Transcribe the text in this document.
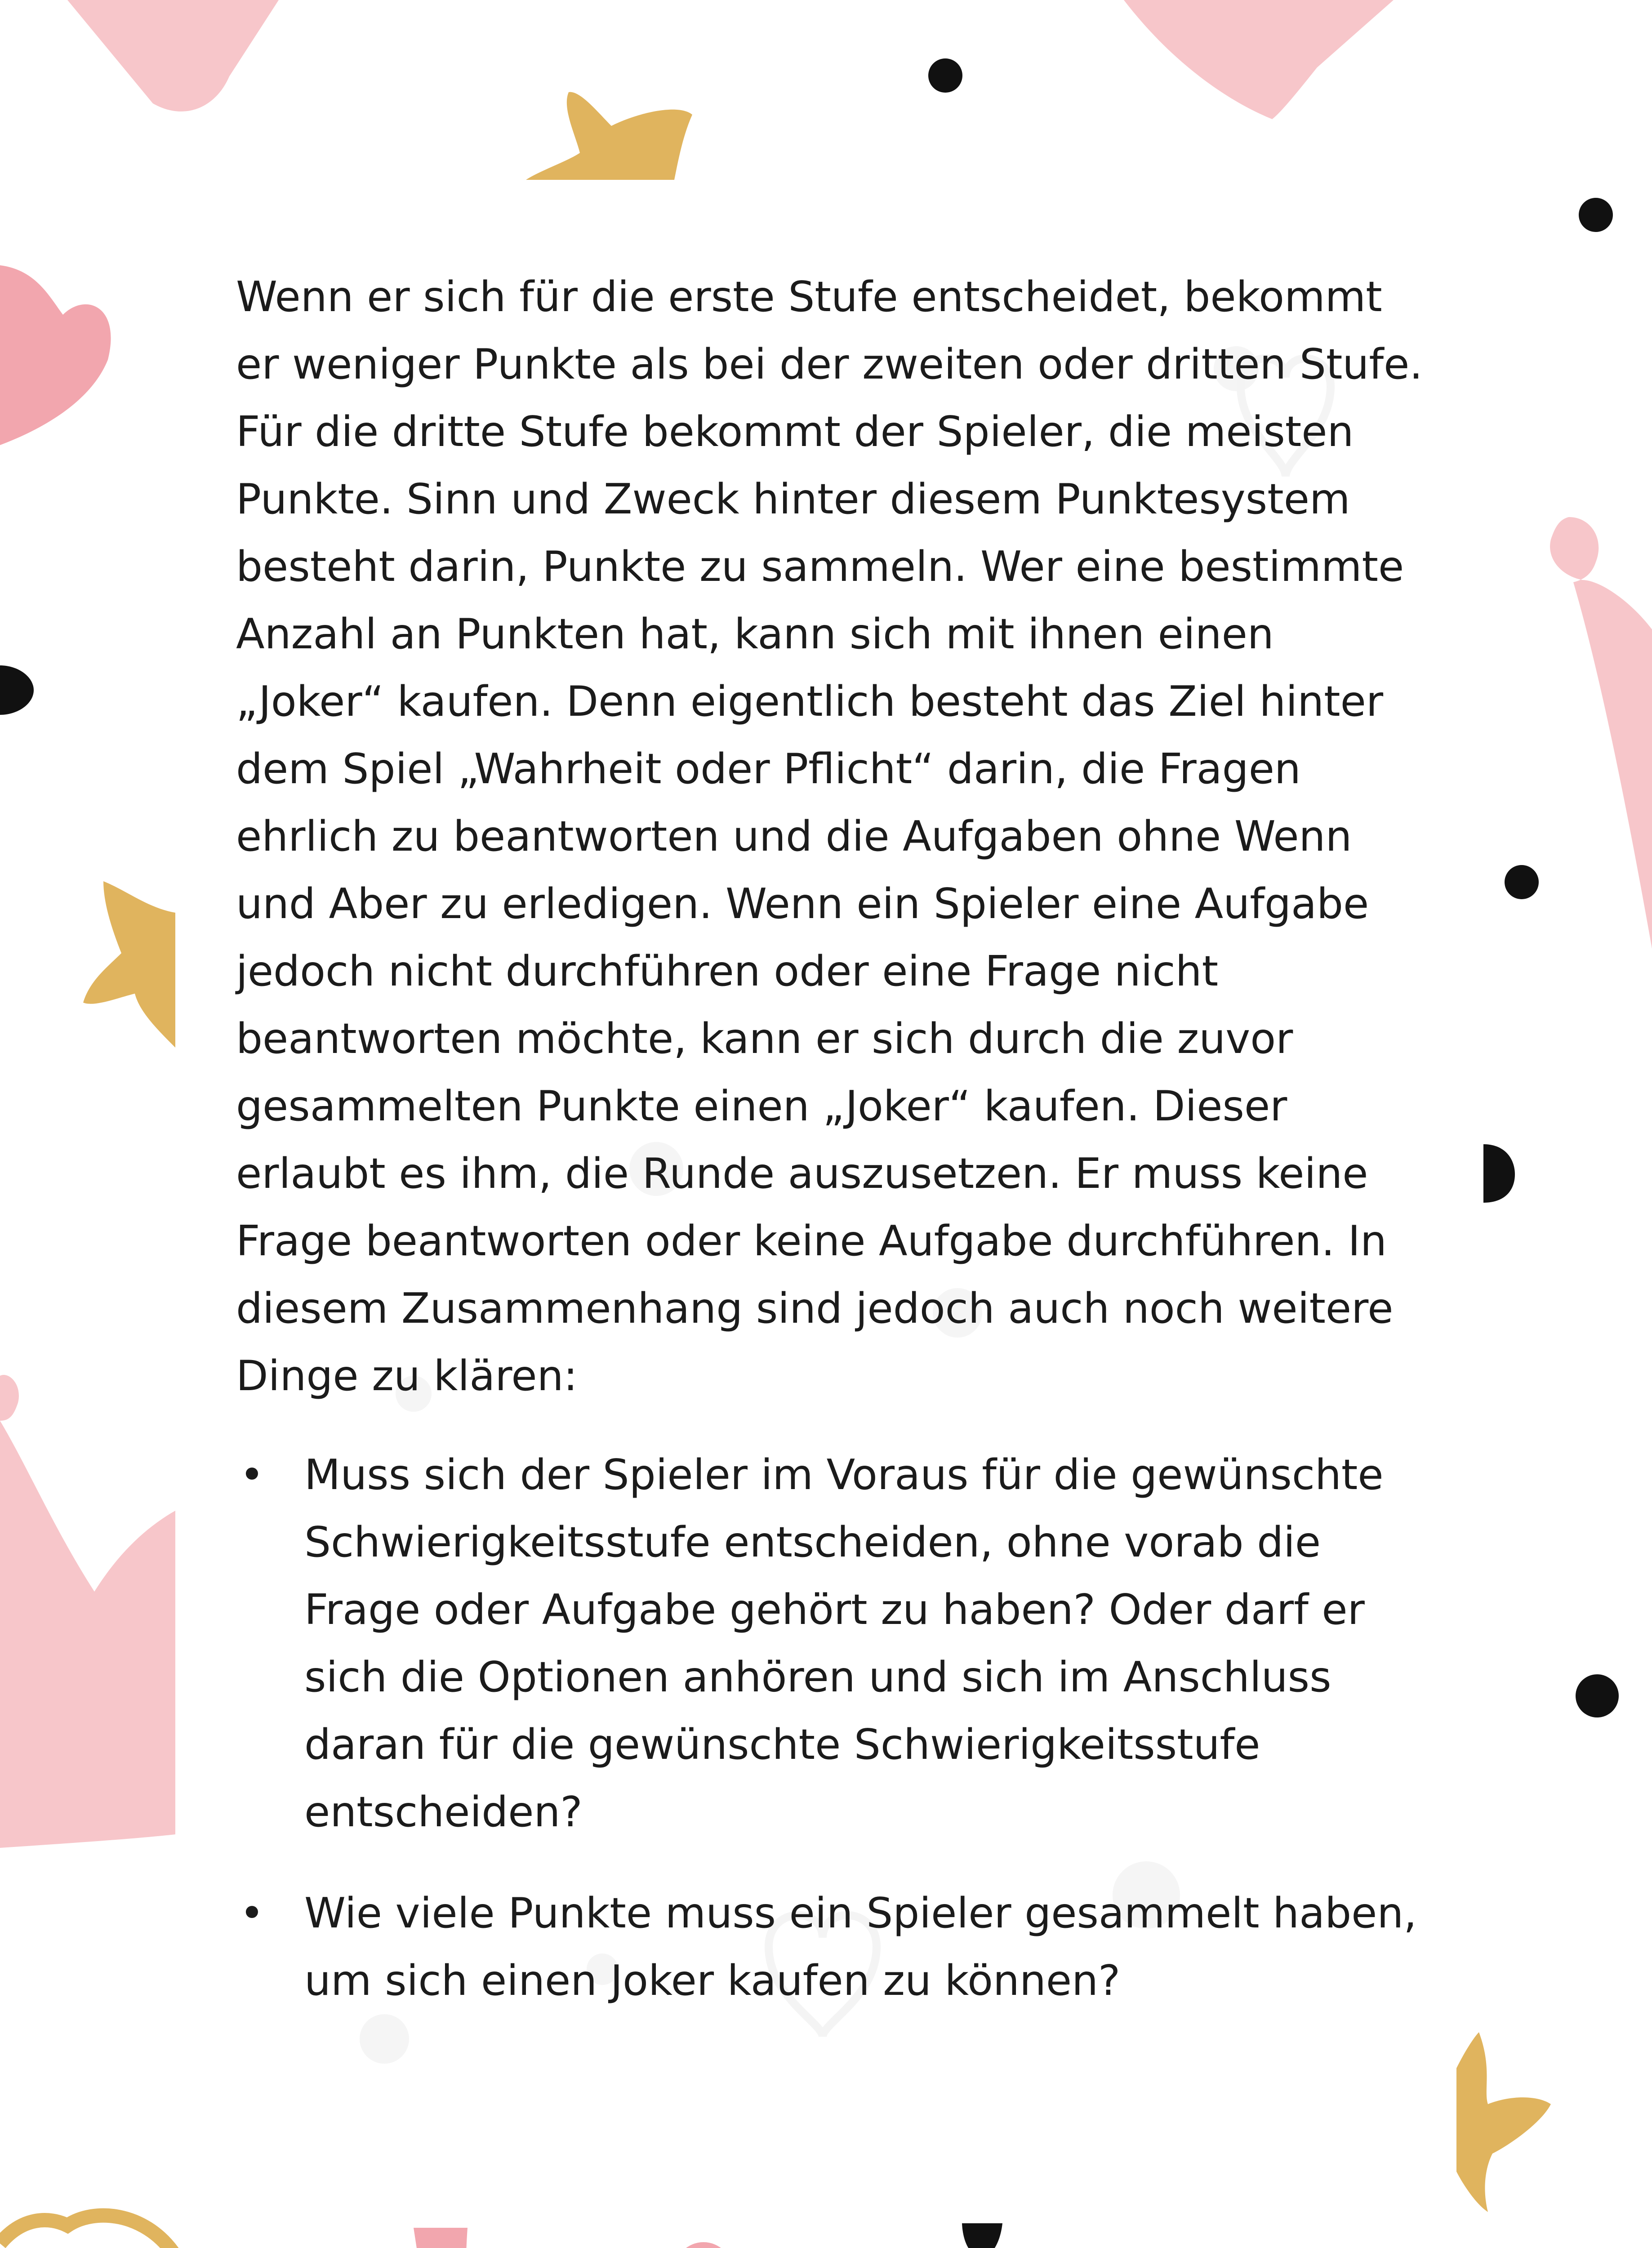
Wenn er sich für die erste Stufe entscheidet, bekommt er weniger Punkte als bei der zweiten oder dritten Stufe. Für die dritte Stufe bekommt der Spieler, die meisten Punkte. Sinn und Zweck hinter diesem Punktesystem besteht darin, Punkte zu sammeln. Wer eine bestimmte Anzahl an Punkten hat, kann sich mit ihnen einen „Joker“ kaufen. Denn eigentlich besteht das Ziel hinter dem Spiel „Wahrheit oder Pflicht“ darin, die Fragen ehrlich zu beantworten und die Aufgaben ohne Wenn und Aber zu erledigen. Wenn ein Spieler eine Aufgabe jedoch nicht durchführen oder eine Frage nicht beantworten möchte, kann er sich durch die zuvor gesammelten Punkte einen „Joker“ kaufen. Dieser erlaubt es ihm, die Runde auszusetzen. Er muss keine Frage beantworten oder keine Aufgabe durchführen. In diesem Zusammenhang sind jedoch auch noch weitere Dinge zu klären:

• Muss sich der Spieler im Voraus für die gewünschte Schwierigkeitsstufe entscheiden, ohne vorab die Frage oder Aufgabe gehört zu haben? Oder darf er sich die Optionen anhören und sich im Anschluss daran für die gewünschte Schwierigkeitsstufe entscheiden?
• Wie viele Punkte muss ein Spieler gesammelt haben, um sich einen Joker kaufen zu können?
